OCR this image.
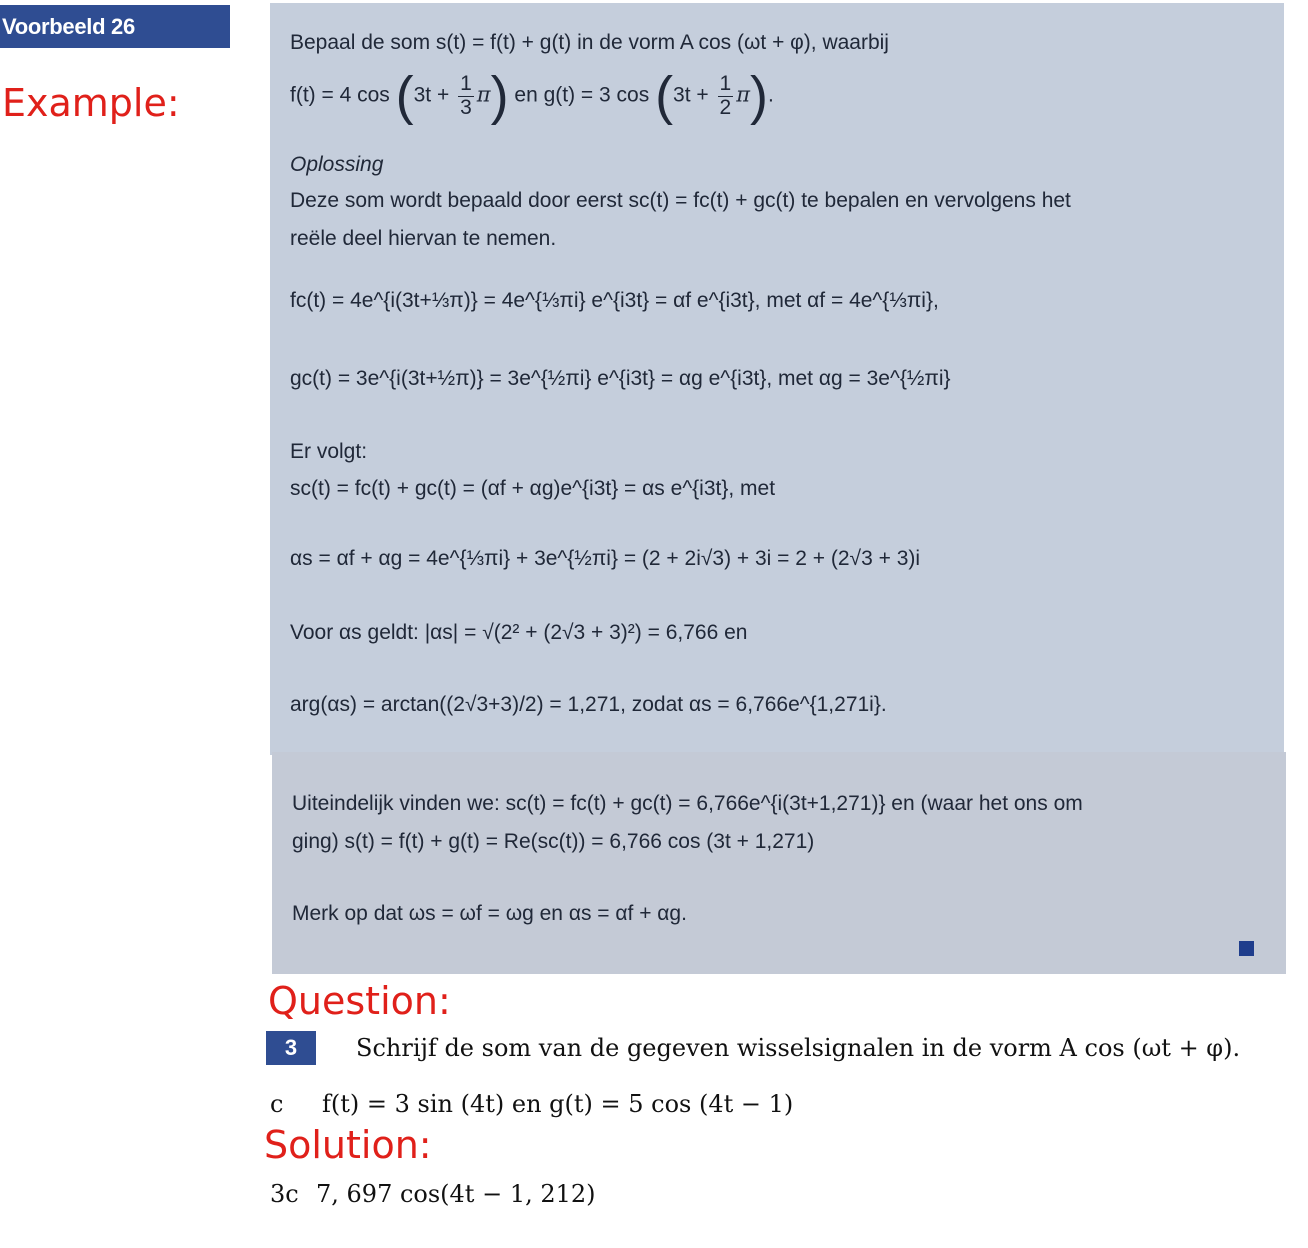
Voorbeeld 26
Example:
Bepaal de som s(t) = f(t) + g(t) in de vorm A cos (ωt + φ), waarbij
f(t) = 4 $\cos (3t + \frac{1}{3} \pi)$ en g(t) = 3 $\cos (3t + \frac{1}{2} \pi)$.
Oplossing
Deze som wordt bepaald door eerst sc(t) = fc(t) + gc(t) te bepalen en vervolgens het
reële deel hiervan te nemen.
fc(t) = 4e^{i(3t+⅓π)} = 4e^{⅓πi} e^{i3t} = αf e^{i3t}, met αf = 4e^{⅓πi},
gc(t) = 3e^{i(3t+½π)} = 3e^{½πi} e^{i3t} = αg e^{i3t}, met αg = 3e^{½πi}
Er volgt:
sc(t) = fc(t) + gc(t) = (αf + αg)e^{i3t} = αs e^{i3t}, met
αs = αf + αg = 4e^{⅓πi} + 3e^{½πi} = (2 + 2i√3) + 3i = 2 + (2√3 + 3)i
Voor αs geldt: |αs| = √(2² + (2√3 + 3)²) = 6,766 en
arg(αs) = arctan((2√3+3)/2) = 1,271, zodat αs = 6,766e^{1,271i}.
Uiteindelijk vinden we: sc(t) = fc(t) + gc(t) = 6,766e^{i(3t+1,271)} en (waar het ons om
ging) s(t) = f(t) + g(t) = Re(sc(t)) = 6,766 cos (3t + 1,271)
Merk op dat ωs = ωf = ωg en αs = αf + αg.
Question:
3	Schrijf de som van de gegeven wisselsignalen in de vorm A cos (ωt + φ).
c f(t) = 3 sin (4t) en g(t) = 5 cos (4t − 1)
Solution:
3c 7, 697 cos(4t − 1, 212)
